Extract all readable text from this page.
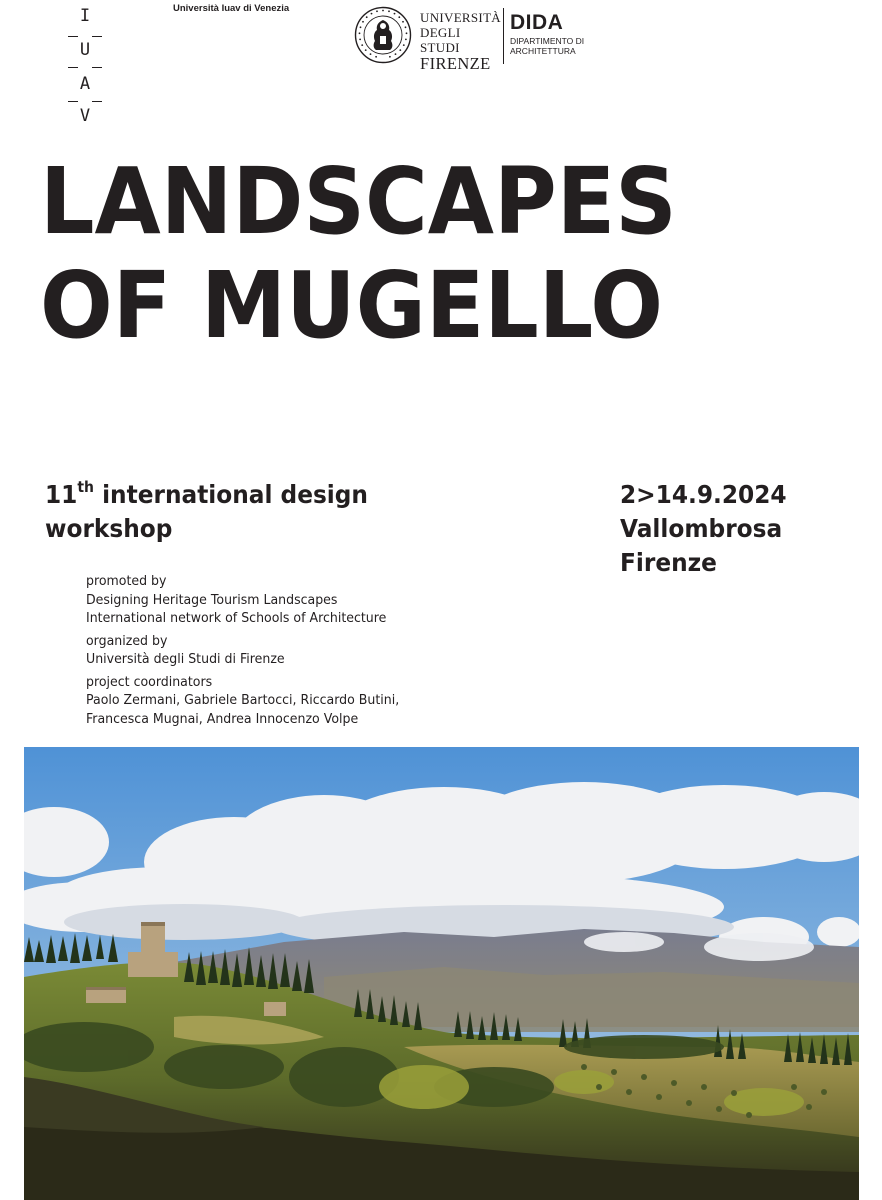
I
U
A
V
Università Iuav di Venezia
UNIVERSITÀ
DEGLI STUDI
FIRENZE
DIDA
DIPARTIMENTO DI
ARCHITETTURA
LANDSCAPES
OF MUGELLO
11th international design
workshop
2>14.9.2024
Vallombrosa
Firenze
promoted by
Designing Heritage Tourism Landscapes
International network of Schools of Architecture
organized by
Università degli Studi di Firenze
project coordinators
Paolo Zermani, Gabriele Bartocci, Riccardo Butini,
Francesca Mugnai, Andrea Innocenzo Volpe
